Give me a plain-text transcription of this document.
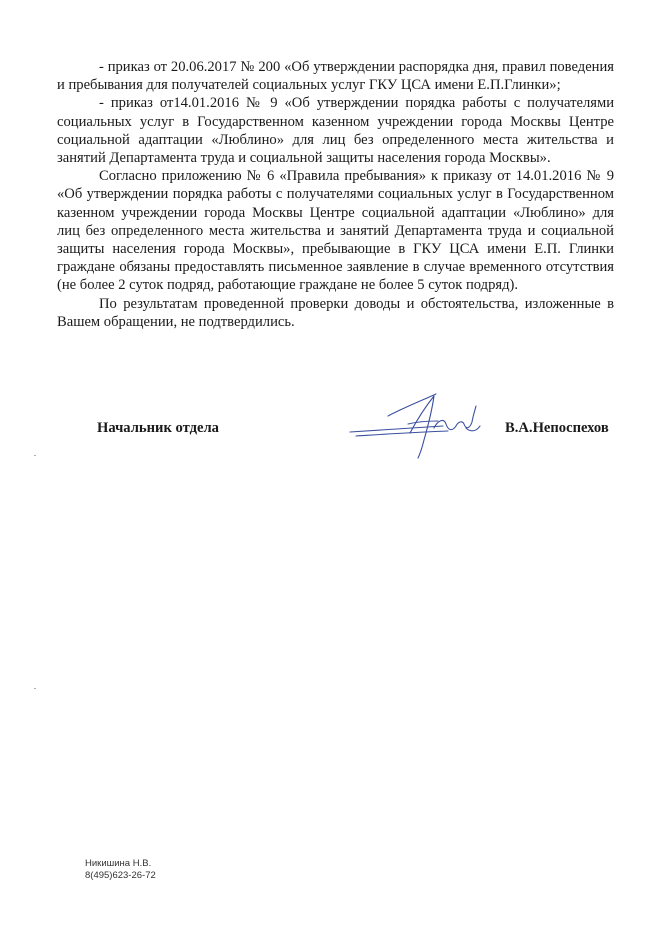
- приказ от 20.06.2017 № 200 «Об утверждении распорядка дня, правил поведения и пребывания для получателей социальных услуг ГКУ ЦСА имени Е.П.Глинки»;

- приказ от14.01.2016 № 9 «Об утверждении порядка работы с получателями социальных услуг в Государственном казенном учреждении города Москвы Центре социальной адаптации «Люблино» для лиц без определенного места жительства и занятий Департамента труда и социальной защиты населения города Москвы».

Согласно приложению № 6 «Правила пребывания» к приказу от 14.01.2016 № 9 «Об утверждении порядка работы с получателями социальных услуг в Государственном казенном учреждении города Москвы Центре социальной адаптации «Люблино» для лиц без определенного места жительства и занятий Департамента труда и социальной защиты населения города Москвы», пребывающие в ГКУ ЦСА имени Е.П. Глинки граждане обязаны предоставлять письменное заявление в случае временного отсутствия (не более 2 суток подряд, работающие граждане не более 5 суток подряд).

По результатам проведенной проверки доводы и обстоятельства, изложенные в Вашем обращении, не подтвердились.

Начальник отдела	В.А.Непоспехов
Никишина Н.В.
8(495)623-26-72
